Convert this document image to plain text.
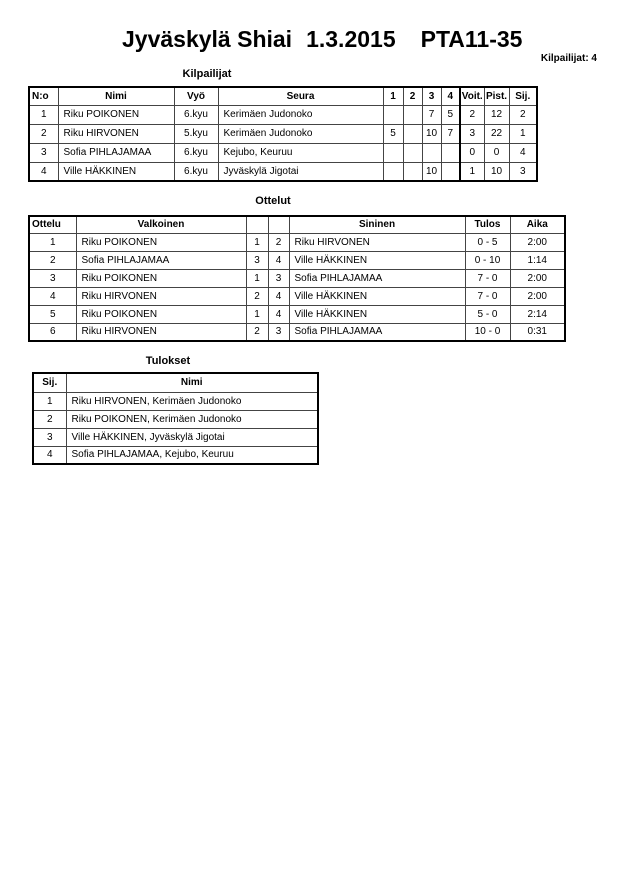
Jyväskylä Shiai 1.3.2015 PTA11-35
Kilpailijat: 4
Kilpailijat
N:o	Nimi	Vyö	Seura	1	2	3	4	Voit.	Pist.	Sij.
1	Riku POIKONEN	6.kyu	Kerimäen Judonoko			7	5	2	12	2
2	Riku HIRVONEN	5.kyu	Kerimäen Judonoko	5		10	7	3	22	1
3	Sofia PIHLAJAMAA	6.kyu	Kejubo, Keuruu					0	0	4
4	Ville HÄKKINEN	6.kyu	Jyväskylä Jigotai			10		1	10	3
Ottelut
Ottelu	Valkoinen			Sininen	Tulos	Aika
1	Riku POIKONEN	1	2	Riku HIRVONEN	0 - 5	2:00
2	Sofia PIHLAJAMAA	3	4	Ville HÄKKINEN	0 - 10	1:14
3	Riku POIKONEN	1	3	Sofia PIHLAJAMAA	7 - 0	2:00
4	Riku HIRVONEN	2	4	Ville HÄKKINEN	7 - 0	2:00
5	Riku POIKONEN	1	4	Ville HÄKKINEN	5 - 0	2:14
6	Riku HIRVONEN	2	3	Sofia PIHLAJAMAA	10 - 0	0:31
Tulokset
Sij.	Nimi
1	Riku HIRVONEN, Kerimäen Judonoko
2	Riku POIKONEN, Kerimäen Judonoko
3	Ville HÄKKINEN, Jyväskylä Jigotai
4	Sofia PIHLAJAMAA, Kejubo, Keuruu
